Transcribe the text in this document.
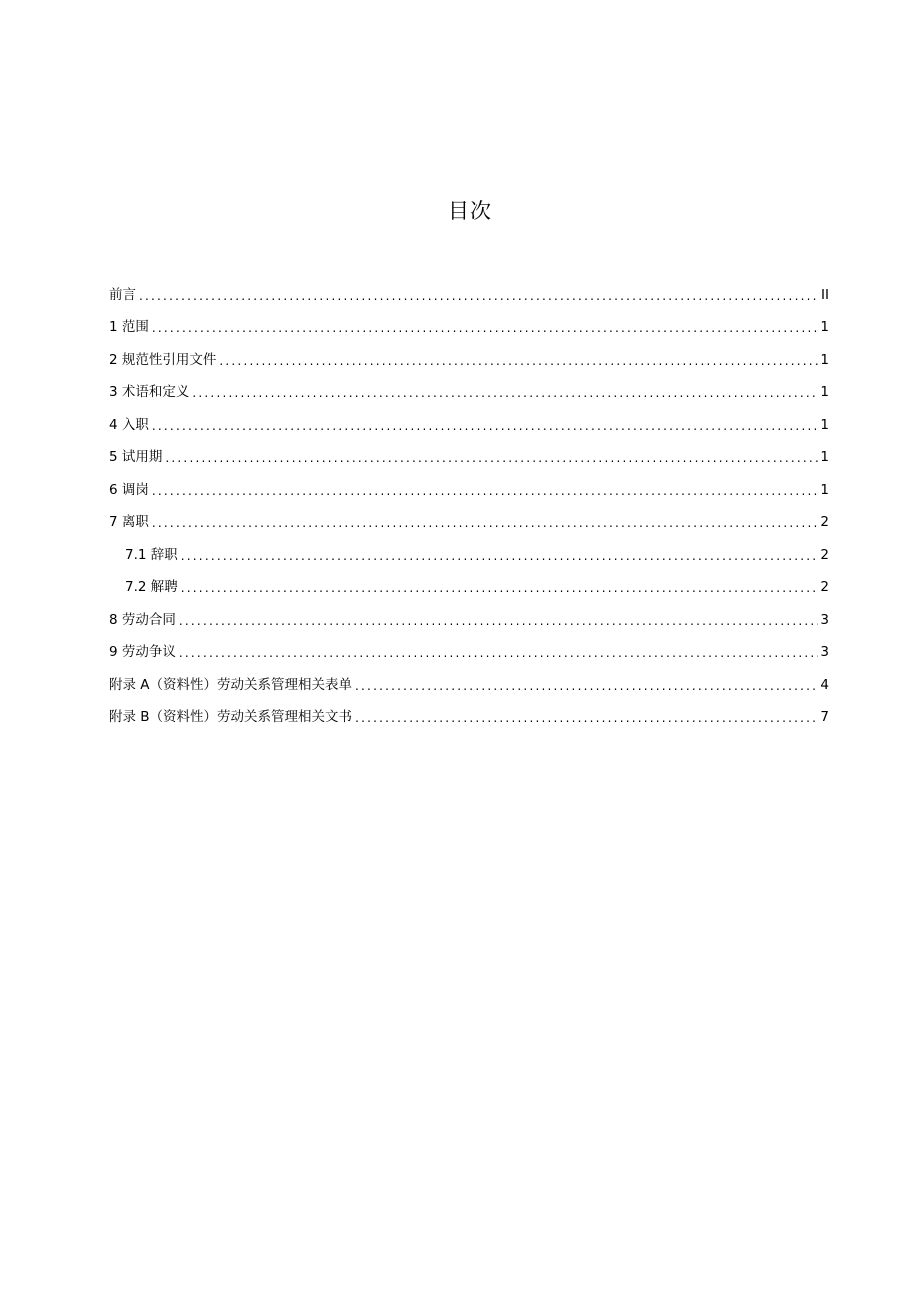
目次
前言 .....	II
1 范围 .....	1
2 规范性引用文件 .....	1
3 术语和定义 .....	1
4 入职 .....	1
5 试用期 .....	1
6 调岗 .....	1
7 离职 .....	2
7.1 辞职 .....	2
7.2 解聘 .....	2
8 劳动合同 .....	3
9 劳动争议 .....	3
附录 A（资料性）劳动关系管理相关表单 .....	4
附录 B（资料性）劳动关系管理相关文书 .....	7
